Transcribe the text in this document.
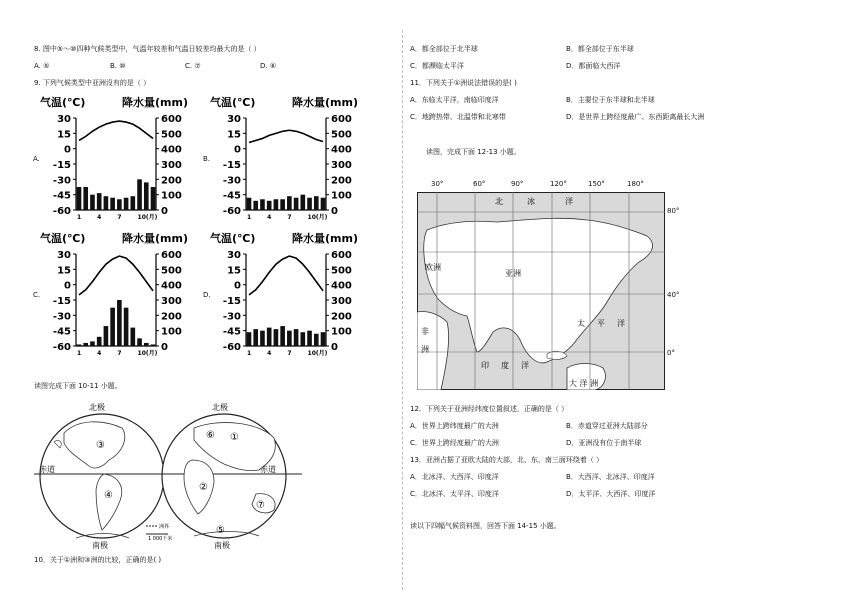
8. 图中⑤～⑩四种气候类型中，气温年较差和气温日较差均最大的是（ ）
A. ⑤	B. ⑩	C. ⑦	D. ⑥
9. 下列气候类型中亚洲没有的是（ ）
A.	B.
C.	D.
气温(℃)	降水量(mm)
30
15
0
-15
-30
-45
-60
600
500
400
300
200
100
0
1	4	7	10(月)
气温(℃)	降水量(mm)
30
15
0
-15
-30
-45
-60
600
500
400
300
200
100
0
1	4	7	10(月)
气温(℃)	降水量(mm)
30
15
0
-15
-30
-45
-60
600
500
400
300
200
100
0
1	4	7	10(月)
气温(℃)	降水量(mm)
30
15
0
-15
-30
-45
-60
600
500
400
300
200
100
0
1	4	7	10(月)
读图完成下面 10-11 小题。
北极	北极
赤道	赤道
南极	南极
①
②
③
④
⑤
⑥
⑦
洲界
1 000千米
10．关于①洲和③洲的比较，正确的是( )
A．都全部位于北半球	B．都全部位于东半球
C．都濒临太平洋	D．都面临大西洋
11．下列关于①洲说法错误的是( )
A．东临太平洋，南临印度洋	B．主要位于东半球和北半球
C．地跨热带、北温带和北寒带	D．是世界上跨经度最广、东西距离最长大洲
读图，完成下面 12-13 小题。
30°	60°	90°	120°	150°	180°
80°
40°
0°
北	冰	洋
欧洲
亚洲
非
洲
太 平 洋
印 度 洋
大 洋 洲
12．下列关于亚洲经纬度位置叙述，正确的是（ ）
A．世界上跨纬度最广的大洲	B．赤道穿过亚洲大陆部分
C．世界上跨经度最广的大洲	D．亚洲没有位于南半球
13．亚洲占据了亚欧大陆的大部，北、东、南三面环绕着（ ）
A．北冰洋、大西洋、印度洋	B．大西洋、北冰洋、印度洋
C．北冰洋、太平洋、印度洋	D．太平洋、大西洋、印度洋
读以下四幅气候资料图，回答下面 14-15 小题。
